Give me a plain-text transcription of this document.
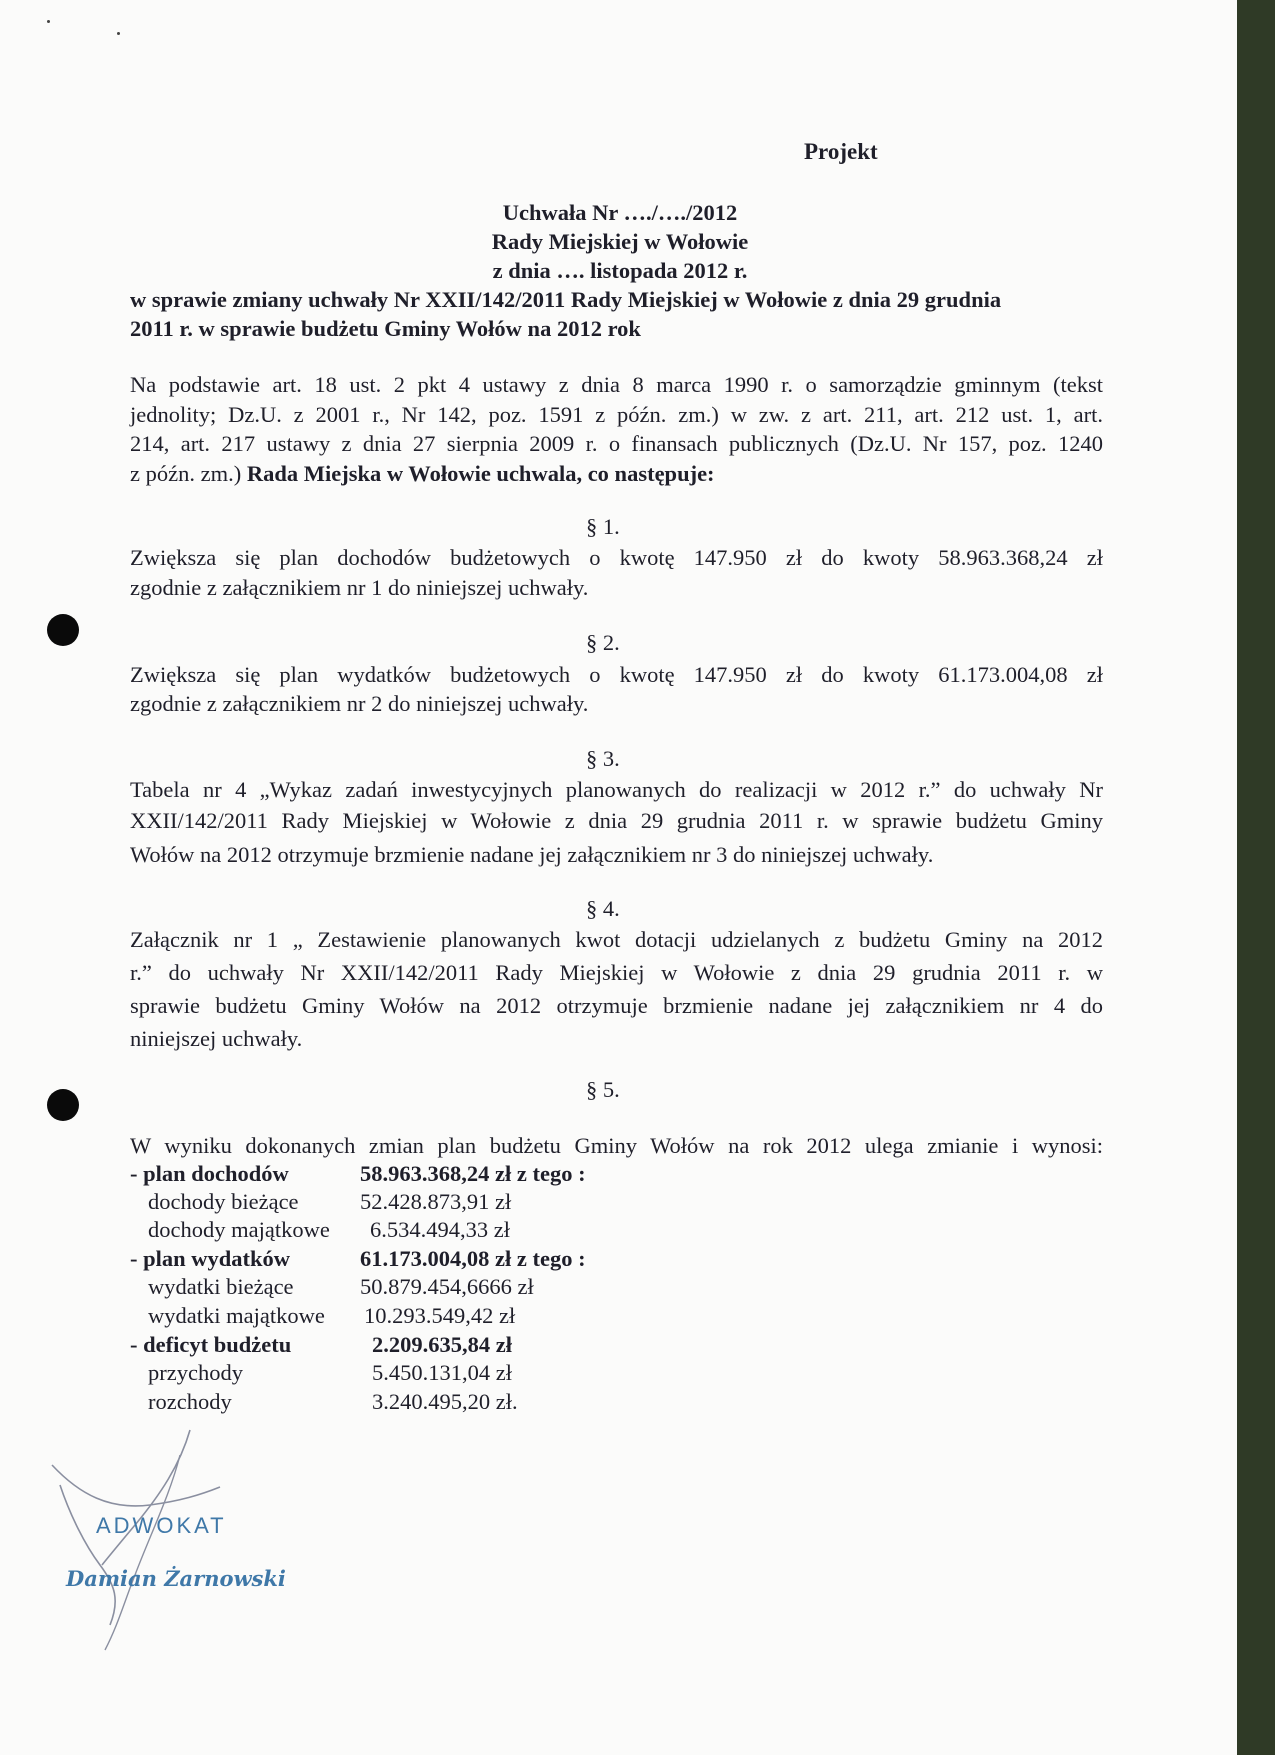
Projekt
Uchwała Nr …./…./2012
Rady Miejskiej w Wołowie
z dnia …. listopada 2012 r.
w sprawie zmiany uchwały Nr XXII/142/2011 Rady Miejskiej w Wołowie z dnia 29 grudnia
2011 r. w sprawie budżetu Gminy Wołów na 2012 rok
Na podstawie art. 18 ust. 2 pkt 4 ustawy z dnia 8 marca 1990 r. o samorządzie gminnym (tekst
jednolity; Dz.U. z 2001 r., Nr 142, poz. 1591 z późn. zm.) w zw. z art. 211, art. 212 ust. 1, art.
214, art. 217 ustawy z dnia 27 sierpnia 2009 r. o finansach publicznych (Dz.U. Nr 157, poz. 1240
z późn. zm.) Rada Miejska w Wołowie uchwala, co następuje:
§ 1.
Zwiększa się plan dochodów budżetowych o kwotę 147.950 zł do kwoty 58.963.368,24 zł
zgodnie z załącznikiem nr 1 do niniejszej uchwały.
§ 2.
Zwiększa się plan wydatków budżetowych o kwotę 147.950 zł do kwoty 61.173.004,08 zł
zgodnie z załącznikiem nr 2 do niniejszej uchwały.
§ 3.
Tabela nr 4 „Wykaz zadań inwestycyjnych planowanych do realizacji w 2012 r.” do uchwały Nr
XXII/142/2011 Rady Miejskiej w Wołowie z dnia 29 grudnia 2011 r. w sprawie budżetu Gminy
Wołów na 2012 otrzymuje brzmienie nadane jej załącznikiem nr 3 do niniejszej uchwały.
§ 4.
Załącznik nr 1 „ Zestawienie planowanych kwot dotacji udzielanych z budżetu Gminy na 2012
r.” do uchwały Nr XXII/142/2011 Rady Miejskiej w Wołowie z dnia 29 grudnia 2011 r. w
sprawie budżetu Gminy Wołów na 2012 otrzymuje brzmienie nadane jej załącznikiem nr 4 do
niniejszej uchwały.
§ 5.
W wyniku dokonanych zmian plan budżetu Gminy Wołów na rok 2012 ulega zmianie i wynosi:
- plan dochodów	58.963.368,24 zł z tego :
dochody bieżące	52.428.873,91 zł
dochody majątkowe 6.534.494,33 zł
- plan wydatków	61.173.004,08 zł z tego :
wydatki bieżące	50.879.454,6666 zł
wydatki majątkowe 10.293.549,42 zł
- deficyt budżetu	2.209.635,84 zł
przychody	5.450.131,04 zł
rozchody	3.240.495,20 zł.
ADWOKAT
Damian Żarnowski
